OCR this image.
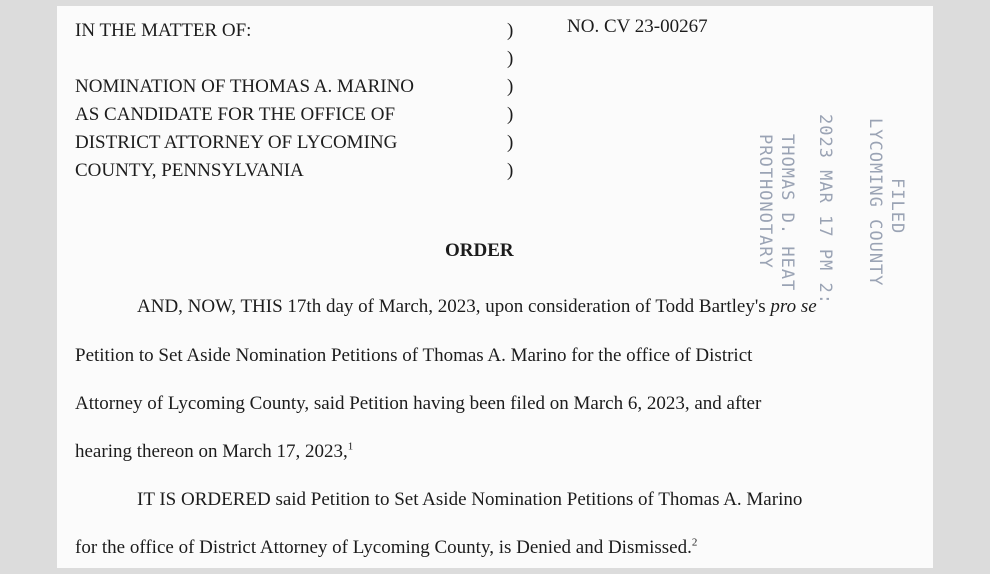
IN THE MATTER OF:	NO. CV 23-00267
)
)
)
)
)
)
NOMINATION OF THOMAS A. MARINO
AS CANDIDATE FOR THE OFFICE OF
DISTRICT ATTORNEY OF LYCOMING
COUNTY, PENNSYLVANIA
FILED
LYCOMING COUNTY
2023 MAR 17 PM 2:
THOMAS D. HEAT
PROTHONOTARY
ORDER
AND, NOW, THIS 17th day of March, 2023, upon consideration of Todd Bartley's pro se
Petition to Set Aside Nomination Petitions of Thomas A. Marino for the office of District
Attorney of Lycoming County, said Petition having been filed on March 6, 2023, and after
hearing thereon on March 17, 2023,$^1$
IT IS ORDERED said Petition to Set Aside Nomination Petitions of Thomas A. Marino
for the office of District Attorney of Lycoming County, is Denied and Dismissed.$^2$
